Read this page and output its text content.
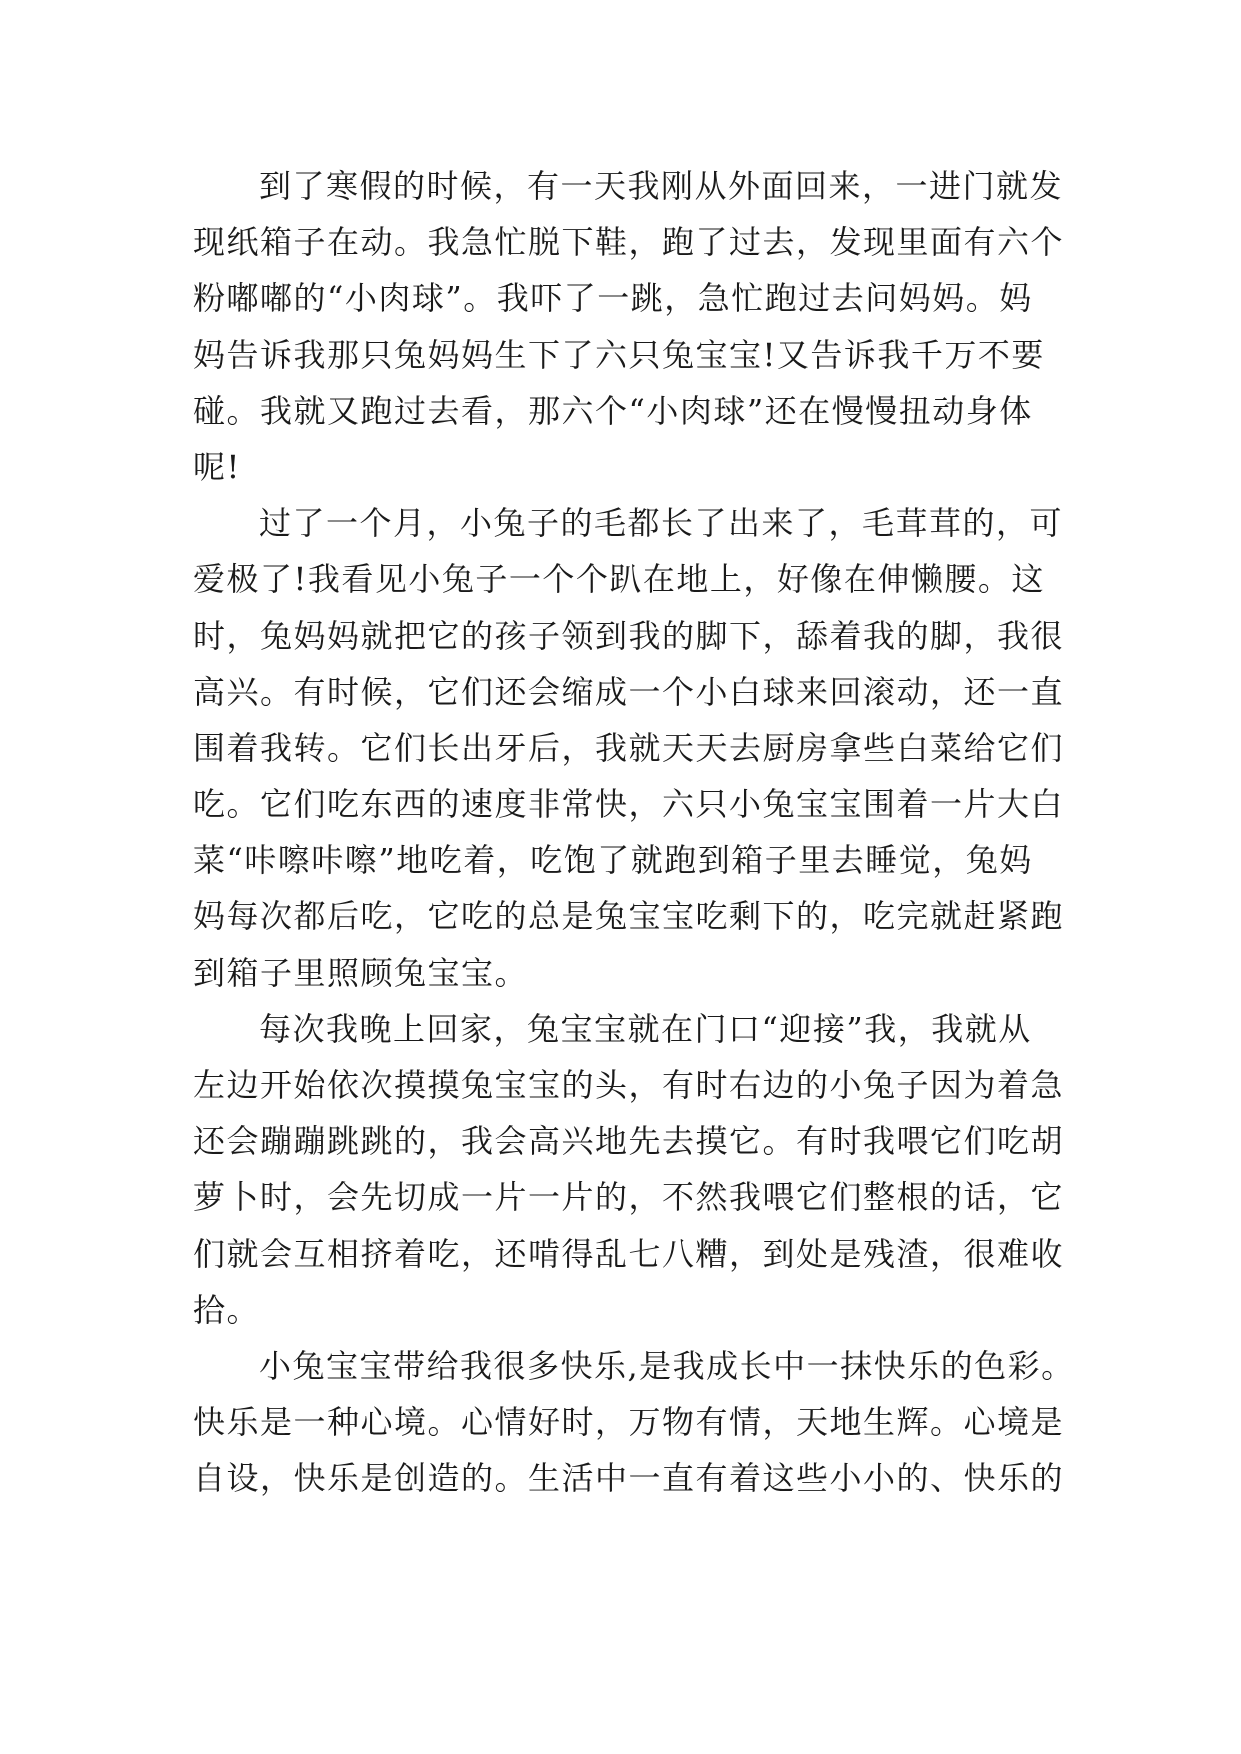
到了寒假的时候，有一天我刚从外面回来，一进门就发
现纸箱子在动。我急忙脱下鞋，跑了过去，发现里面有六个
粉嘟嘟的“小肉球”。我吓了一跳，急忙跑过去问妈妈。妈
妈告诉我那只兔妈妈生下了六只兔宝宝!又告诉我千万不要
碰。我就又跑过去看，那六个“小肉球”还在慢慢扭动身体
呢!
过了一个月，小兔子的毛都长了出来了，毛茸茸的，可
爱极了!我看见小兔子一个个趴在地上，好像在伸懒腰。这
时，兔妈妈就把它的孩子领到我的脚下，舔着我的脚，我很
高兴。有时候，它们还会缩成一个小白球来回滚动，还一直
围着我转。它们长出牙后，我就天天去厨房拿些白菜给它们
吃。它们吃东西的速度非常快，六只小兔宝宝围着一片大白
菜“咔嚓咔嚓”地吃着，吃饱了就跑到箱子里去睡觉，兔妈
妈每次都后吃，它吃的总是兔宝宝吃剩下的，吃完就赶紧跑
到箱子里照顾兔宝宝。
每次我晚上回家，兔宝宝就在门口“迎接”我，我就从
左边开始依次摸摸兔宝宝的头，有时右边的小兔子因为着急
还会蹦蹦跳跳的，我会高兴地先去摸它。有时我喂它们吃胡
萝卜时，会先切成一片一片的，不然我喂它们整根的话，它
们就会互相挤着吃，还啃得乱七八糟，到处是残渣，很难收
拾。
小兔宝宝带给我很多快乐,是我成长中一抹快乐的色彩。
快乐是一种心境。心情好时，万物有情，天地生辉。心境是
自设，快乐是创造的。生活中一直有着这些小小的、快乐的
